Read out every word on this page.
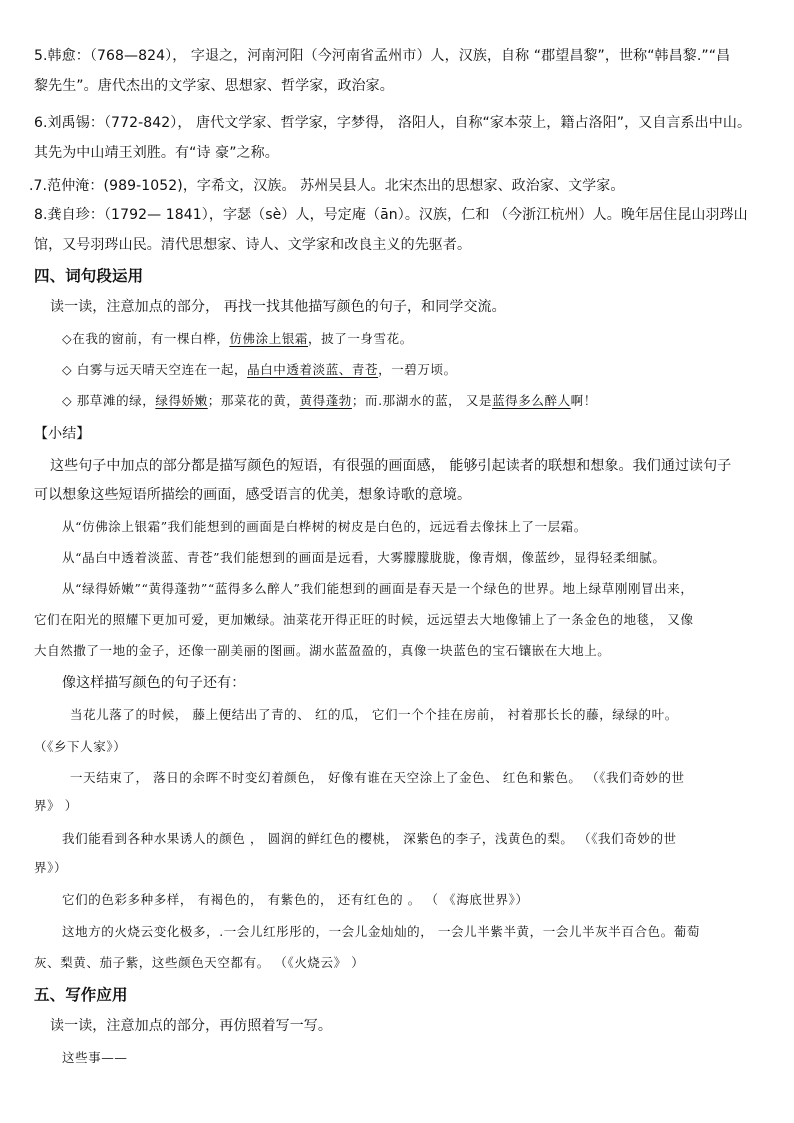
5.韩愈：（768—824）， 字退之，河南河阳（今河南省孟州市）人，汉族，自称 “郡望昌黎”，世称“韩昌黎.”“昌
黎先生”。唐代杰出的文学家、思想家、哲学家，政治家。
6.刘禹锡：（772-842）， 唐代文学家、哲学家，字梦得， 洛阳人，自称“家本荥上，籍占洛阳”，又自言系出中山。
其先为中山靖王刘胜。有“诗 豪”之称。
.7.范仲淹：(989-1052)，字希文，汉族。 苏州吴县人。北宋杰出的思想家、政治家、文学家。
8.龚自珍：（1792— 1841），字瑟（sè）人，号定庵（ān）。汉族，仁和 （今浙江杭州）人。晚年居住昆山羽琌山
馆，又号羽琌山民。清代思想家、诗人、文学家和改良主义的先驱者。
四、词句段运用
读一读，注意加点的部分， 再找一找其他描写颜色的句子，和同学交流。
◇在我的窗前，有一棵白桦，仿佛涂上银霜，披了一身雪花。
◇ 白雾与远天晴天空连在一起，晶白中透着淡蓝、青苍，一碧万顷。
◇ 那草滩的绿，绿得娇嫩；那菜花的黄，黄得蓬勃；而.那湖水的蓝， 又是蓝得多么醉人啊！
【小结】
这些句子中加点的部分都是描写颜色的短语，有很强的画面感， 能够引起读者的联想和想象。我们通过读句子
可以想象这些短语所描绘的画面，感受语言的优美，想象诗歌的意境。
从“仿佛涂上银霜”我们能想到的画面是白桦树的树皮是白色的，远远看去像抹上了一层霜。
从“晶白中透着淡蓝、青苍”我们能想到的画面是远看，大雾朦朦胧胧，像青烟，像蓝纱，显得轻柔细腻。
从“绿得娇嫩”“黄得蓬勃”“蓝得多么醉人”我们能想到的画面是春天是一个绿色的世界。地上绿草刚刚冒出来，
它们在阳光的照耀下更加可爱，更加嫩绿。油菜花开得正旺的时候，远远望去大地像铺上了一条金色的地毯， 又像
大自然撒了一地的金子，还像一副美丽的图画。湖水蓝盈盈的，真像一块蓝色的宝石镶嵌在大地上。
像这样描写颜色的句子还有：
当花儿落了的时候， 藤上便结出了青的、 红的瓜， 它们一个个挂在房前， 衬着那长长的藤，绿绿的叶。
（《乡下人家》）
一天结束了， 落日的余晖不时变幻着颜色， 好像有谁在天空涂上了金色、 红色和紫色。 （《我们奇妙的世
界》 ）
我们能看到各种水果诱人的颜色 ， 圆润的鲜红色的樱桃， 深紫色的李子，浅黄色的梨。 （《我们奇妙的世
界》）
它们的色彩多种多样， 有褐色的， 有紫色的， 还有红色的 。 （ 《海底世界》）
这地方的火烧云变化极多，.一会儿红彤彤的，一会儿金灿灿的， 一会儿半紫半黄，一会儿半灰半百合色。葡萄
灰、梨黄、茄子紫，这些颜色天空都有。 （《火烧云》 ）
五、写作应用
读一读，注意加点的部分，再仿照着写一写。
这些事——
